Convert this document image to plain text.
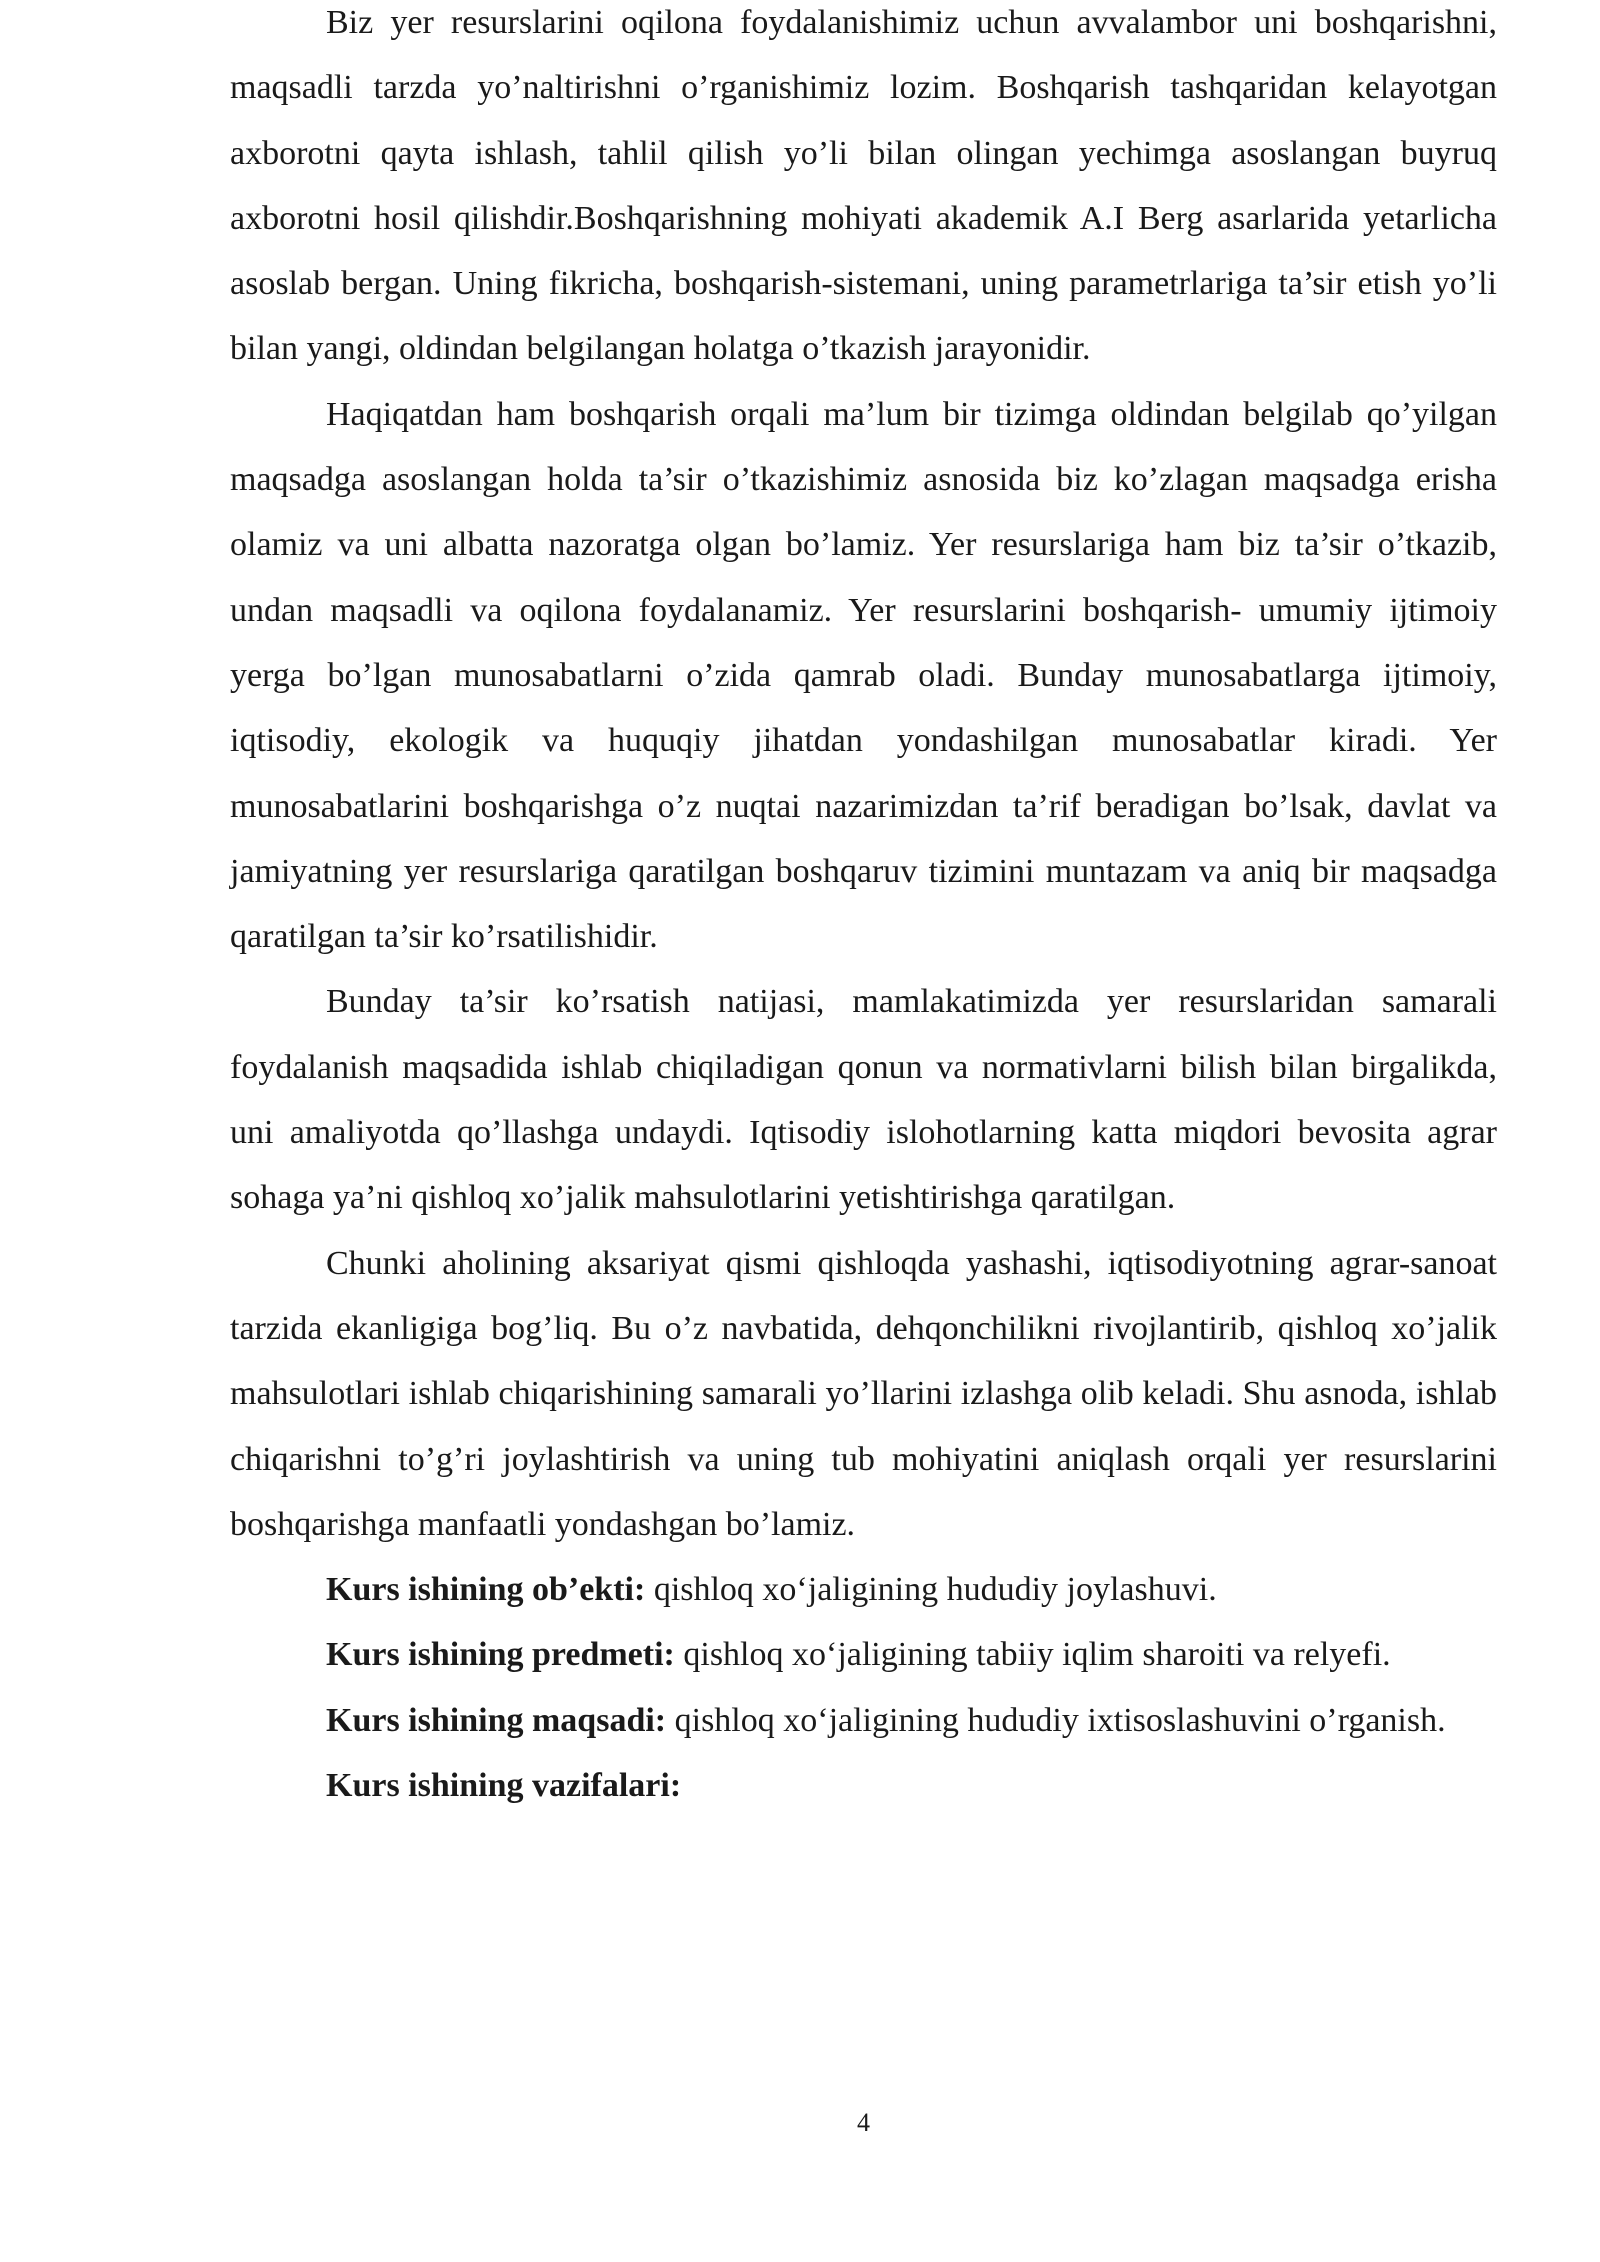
Biz yer resurslarini oqilona foydalanishimiz uchun avvalambor uni boshqarishni, maqsadli tarzda yo’naltirishni o’rganishimiz lozim. Boshqarish tashqaridan kelayotgan axborotni qayta ishlash, tahlil qilish yo’li bilan olingan yechimga asoslangan buyruq axborotni hosil qilishdir.Boshqarishning mohiyati akademik A.I Berg asarlarida yetarlicha asoslab bergan. Uning fikricha, boshqarish-sistemani, uning parametrlariga ta’sir etish yo’li bilan yangi, oldindan belgilangan holatga o’tkazish jarayonidir.

Haqiqatdan ham boshqarish orqali ma’lum bir tizimga oldindan belgilab qo’yilgan maqsadga asoslangan holda ta’sir o’tkazishimiz asnosida biz ko’zlagan maqsadga erisha olamiz va uni albatta nazoratga olgan bo’lamiz. Yer resurslariga ham biz ta’sir o’tkazib, undan maqsadli va oqilona foydalanamiz. Yer resurslarini boshqarish- umumiy ijtimoiy yerga bo’lgan munosabatlarni o’zida qamrab oladi. Bunday munosabatlarga ijtimoiy, iqtisodiy, ekologik va huquqiy jihatdan yondashilgan munosabatlar kiradi. Yer munosabatlarini boshqarishga o’z nuqtai nazarimizdan ta’rif beradigan bo’lsak, davlat va jamiyatning yer resurslariga qaratilgan boshqaruv tizimini muntazam va aniq bir maqsadga qaratilgan ta’sir ko’rsatilishidir.

Bunday ta’sir ko’rsatish natijasi, mamlakatimizda yer resurslaridan samarali foydalanish maqsadida ishlab chiqiladigan qonun va normativlarni bilish bilan birgalikda, uni amaliyotda qo’llashga undaydi. Iqtisodiy islohotlarning katta miqdori bevosita agrar sohaga ya’ni qishloq xo’jalik mahsulotlarini yetishtirishga qaratilgan.

Chunki aholining aksariyat qismi qishloqda yashashi, iqtisodiyotning agrar-sanoat tarzida ekanligiga bog’liq. Bu o’z navbatida, dehqonchilikni rivojlantirib, qishloq xo’jalik mahsulotlari ishlab chiqarishining samarali yo’llarini izlashga olib keladi. Shu asnoda, ishlab chiqarishni to’g’ri joylashtirish va uning tub mohiyatini aniqlash orqali yer resurslarini boshqarishga manfaatli yondashgan bo’lamiz.

Kurs ishining ob’ekti: qishloq xo‘jaligining hududiy joylashuvi.

Kurs ishining predmeti: qishloq xo‘jaligining tabiiy iqlim sharoiti va relyefi.

Kurs ishining maqsadi: qishloq xo‘jaligining hududiy ixtisoslashuvini o’rganish.

Kurs ishining vazifalari:

4
